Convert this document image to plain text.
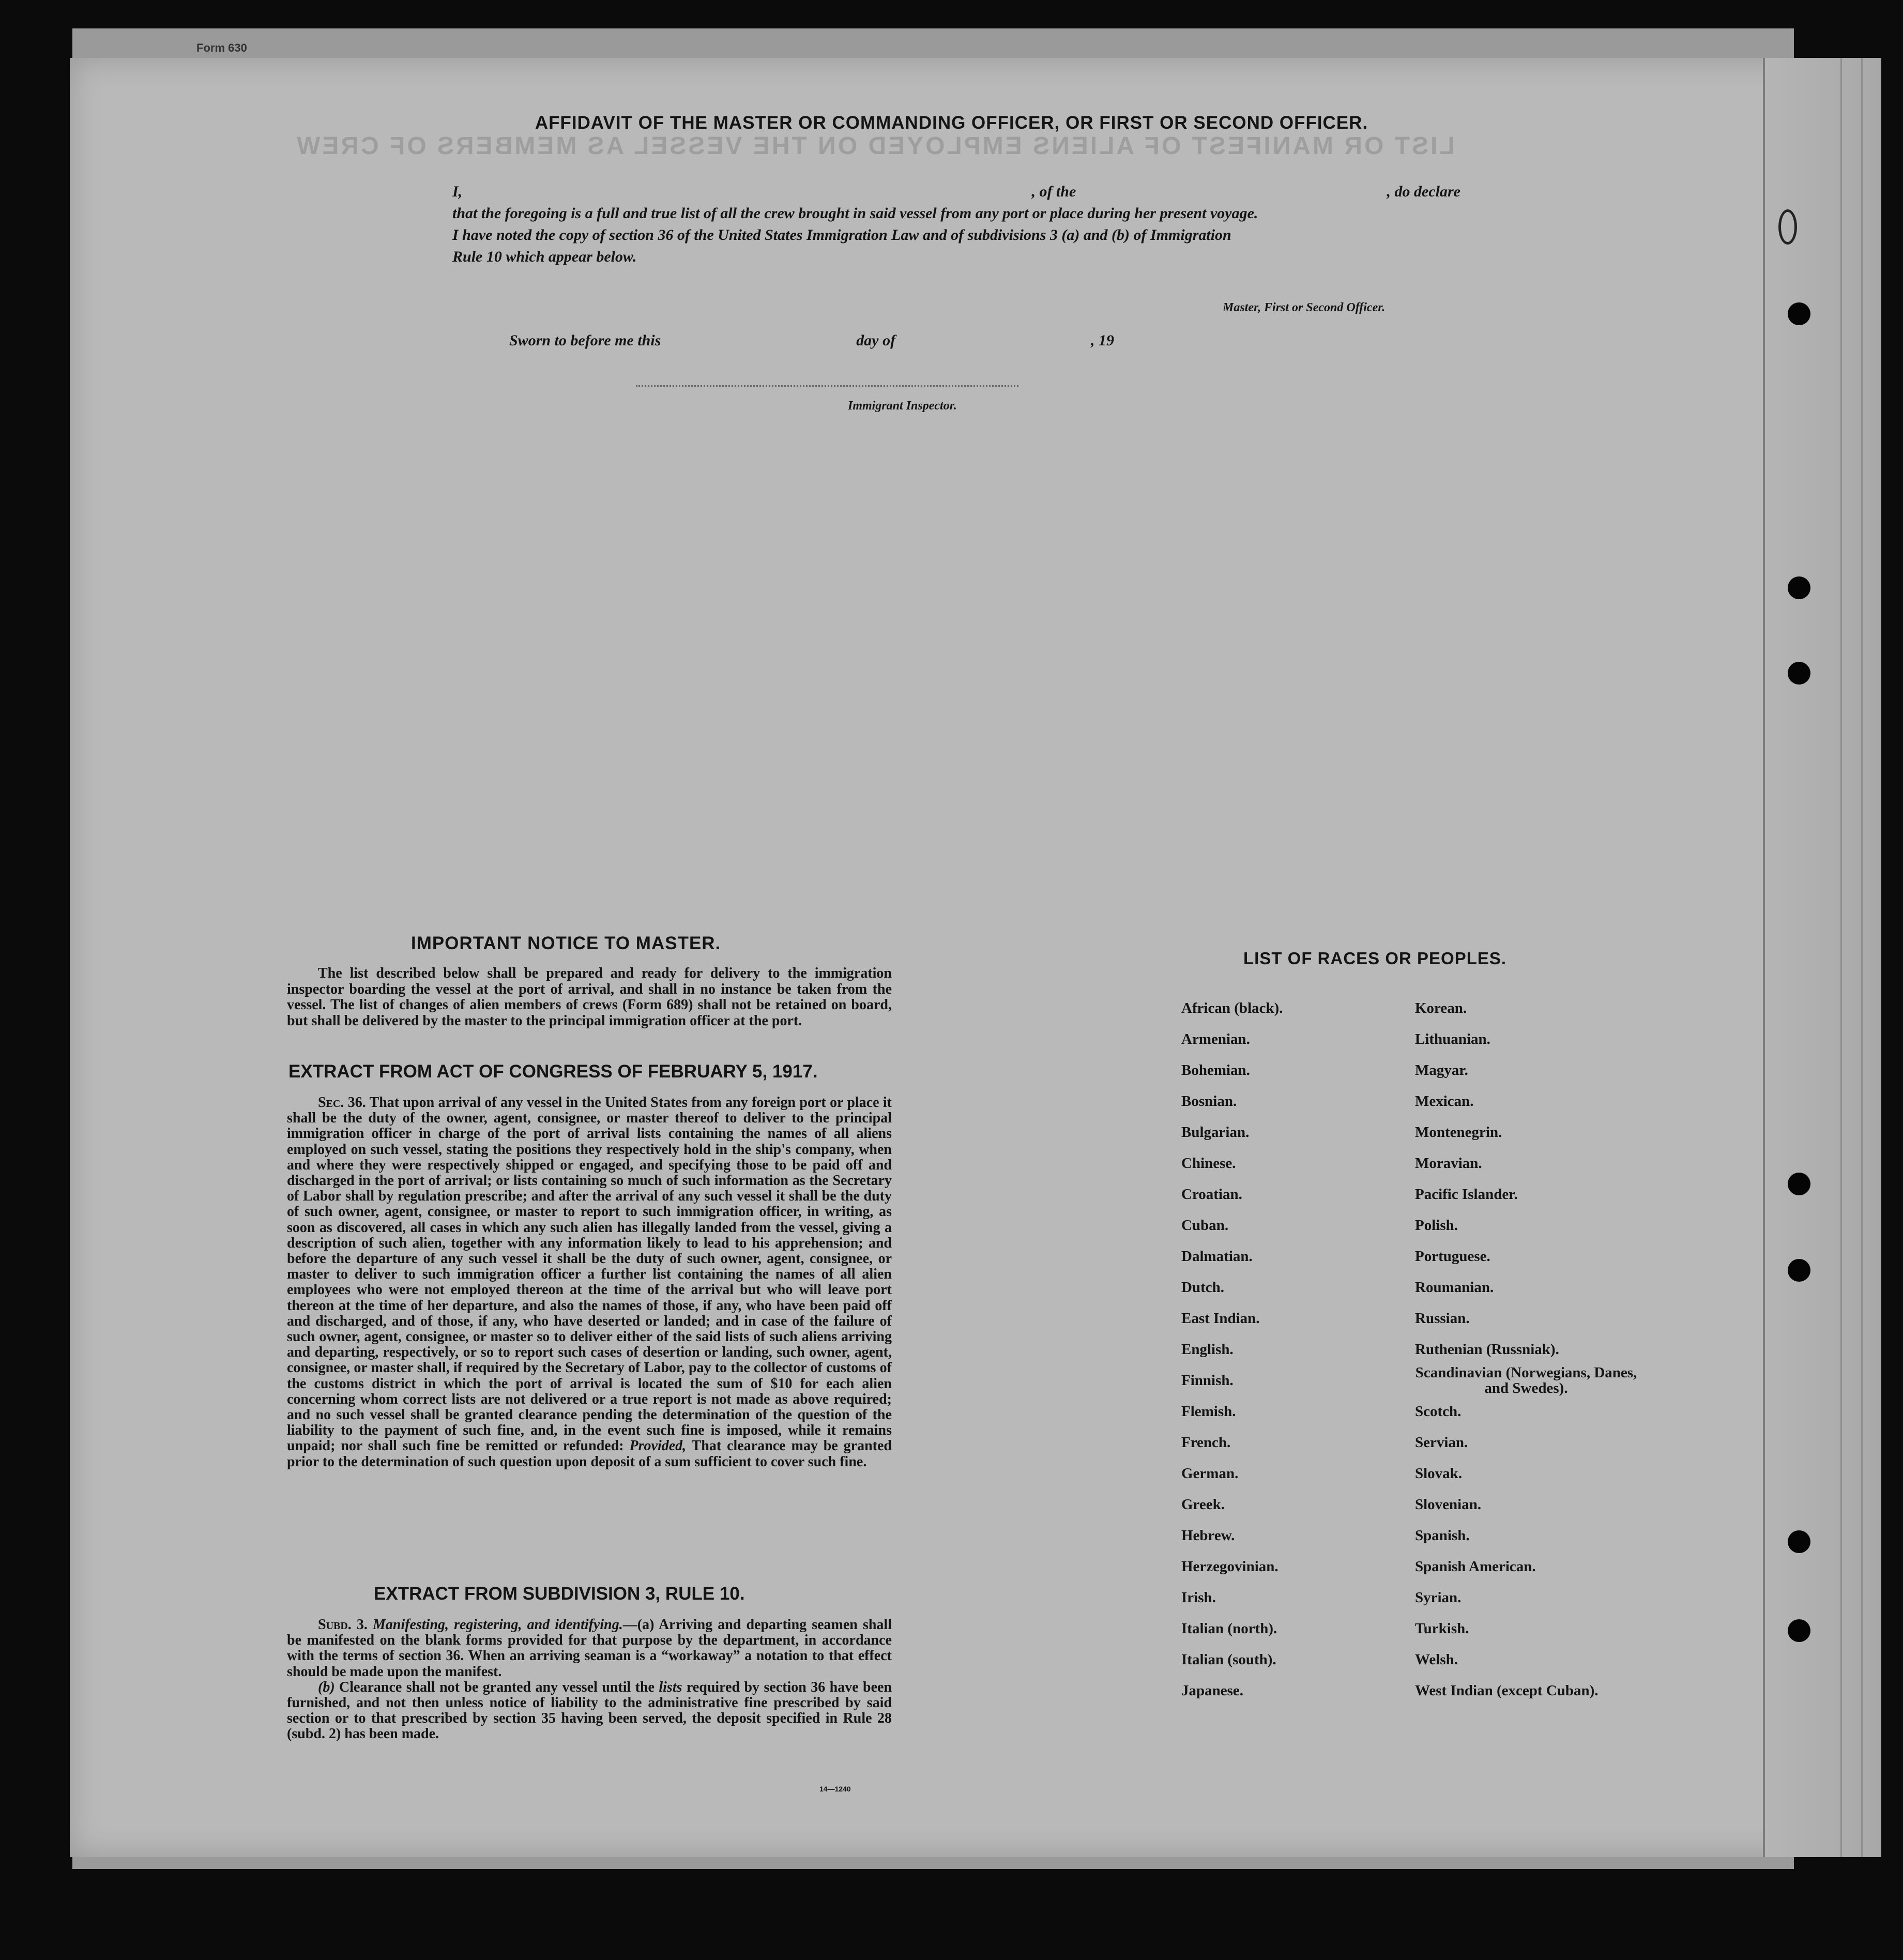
LIST OR MANIFEST OF ALIENS EMPLOYED ON THE VESSEL AS MEMBERS OF CREW
Form 630
AFFIDAVIT OF THE MASTER OR COMMANDING OFFICER, OR FIRST OR SECOND OFFICER.
I,	, of the	, do declare
that the foregoing is a full and true list of all the crew brought in said vessel from any port or place during her present voyage.
I have noted the copy of section 36 of the United States Immigration Law and of subdivisions 3 (a) and (b) of Immigration
Rule 10 which appear below.
Master, First or Second Officer.
Sworn to before me this	day of	, 19
Immigrant Inspector.
IMPORTANT NOTICE TO MASTER.
The list described below shall be prepared and ready for delivery to the immigration inspector boarding the vessel at the port of arrival, and shall in no instance be taken from the vessel. The list of changes of alien members of crews (Form 689) shall not be retained on board, but shall be delivered by the master to the principal immigration officer at the port.
EXTRACT FROM ACT OF CONGRESS OF FEBRUARY 5, 1917.
Sec. 36. That upon arrival of any vessel in the United States from any foreign port or place it shall be the duty of the owner, agent, consignee, or master thereof to deliver to the principal immigration officer in charge of the port of arrival lists containing the names of all aliens employed on such vessel, stating the positions they respectively hold in the ship's company, when and where they were respectively shipped or engaged, and specifying those to be paid off and discharged in the port of arrival; or lists containing so much of such information as the Secretary of Labor shall by regulation prescribe; and after the arrival of any such vessel it shall be the duty of such owner, agent, consignee, or master to report to such immigration officer, in writing, as soon as discovered, all cases in which any such alien has illegally landed from the vessel, giving a description of such alien, together with any information likely to lead to his apprehension; and before the departure of any such vessel it shall be the duty of such owner, agent, consignee, or master to deliver to such immigration officer a further list containing the names of all alien employees who were not employed thereon at the time of the arrival but who will leave port thereon at the time of her departure, and also the names of those, if any, who have been paid off and discharged, and of those, if any, who have deserted or landed; and in case of the failure of such owner, agent, consignee, or master so to deliver either of the said lists of such aliens arriving and departing, respectively, or so to report such cases of desertion or landing, such owner, agent, consignee, or master shall, if required by the Secretary of Labor, pay to the collector of customs of the customs district in which the port of arrival is located the sum of $10 for each alien concerning whom correct lists are not delivered or a true report is not made as above required; and no such vessel shall be granted clearance pending the determination of the question of the liability to the payment of such fine, and, in the event such fine is imposed, while it remains unpaid; nor shall such fine be remitted or refunded: Provided, That clearance may be granted prior to the determination of such question upon deposit of a sum sufficient to cover such fine.
EXTRACT FROM SUBDIVISION 3, RULE 10.
Subd. 3. Manifesting, registering, and identifying.—(a) Arriving and departing seamen shall be manifested on the blank forms provided for that purpose by the department, in accordance with the terms of section 36. When an arriving seaman is a “workaway” a notation to that effect should be made upon the manifest.
(b) Clearance shall not be granted any vessel until the lists required by section 36 have been furnished, and not then unless notice of liability to the administrative fine prescribed by said section or to that prescribed by section 35 having been served, the deposit specified in Rule 28 (subd. 2) has been made.
14—1240
LIST OF RACES OR PEOPLES.
African (black).
Armenian.
Bohemian.
Bosnian.
Bulgarian.
Chinese.
Croatian.
Cuban.
Dalmatian.
Dutch.
East Indian.
English.
Finnish.
Flemish.
French.
German.
Greek.
Hebrew.
Herzegovinian.
Irish.
Italian (north).
Italian (south).
Japanese.
Korean.
Lithuanian.
Magyar.
Mexican.
Montenegrin.
Moravian.
Pacific Islander.
Polish.
Portuguese.
Roumanian.
Russian.
Ruthenian (Russniak).
Scandinavian (Norwegians, Danes, and Swedes).
Scotch.
Servian.
Slovak.
Slovenian.
Spanish.
Spanish American.
Syrian.
Turkish.
Welsh.
West Indian (except Cuban).
